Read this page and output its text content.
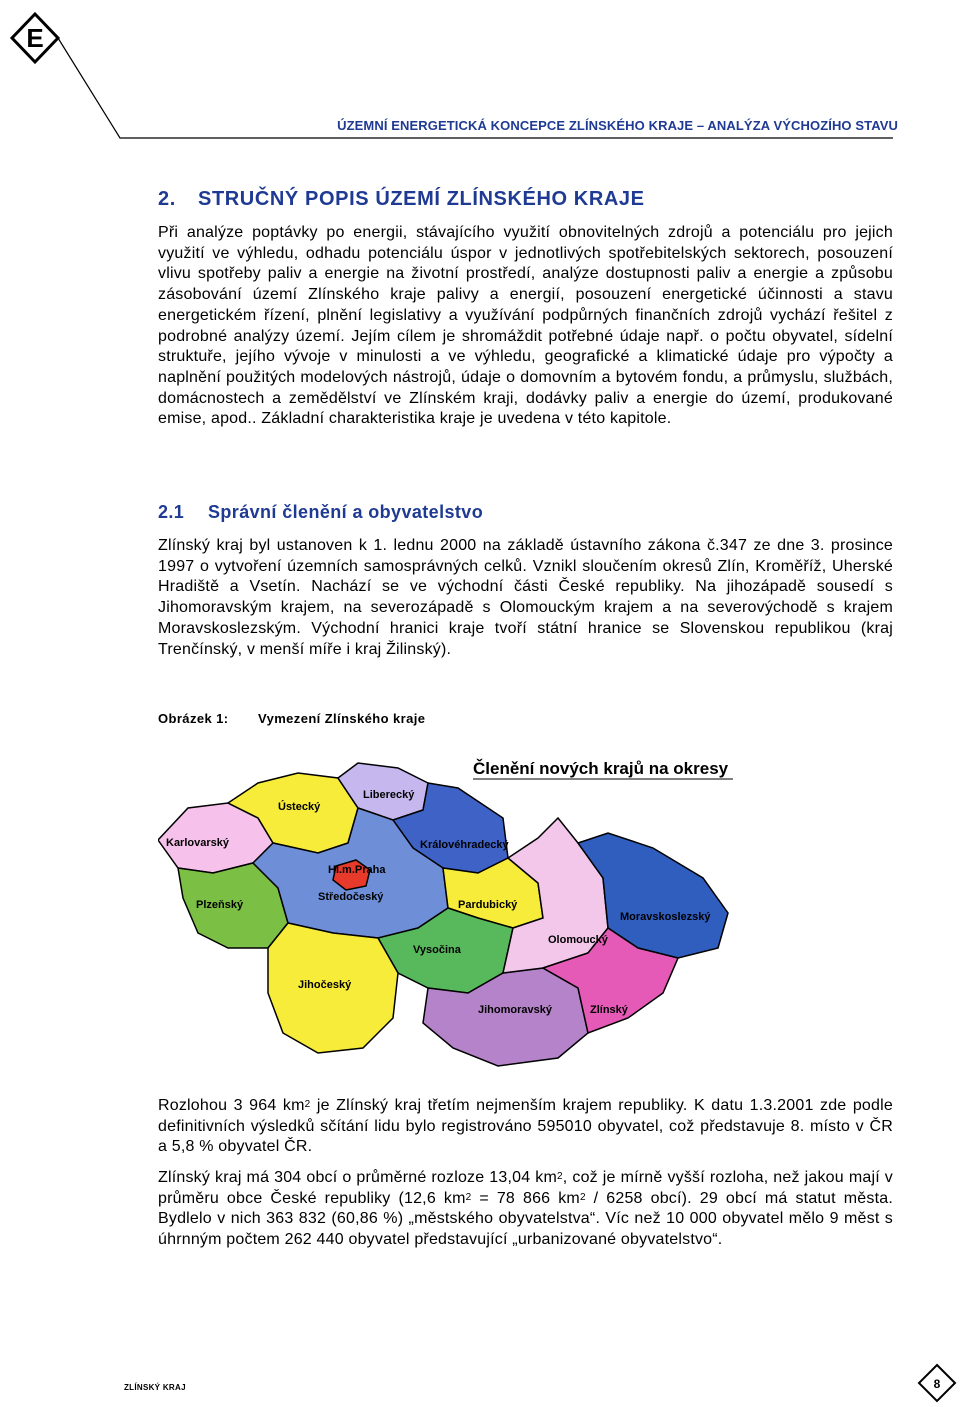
E
ÚZEMNÍ ENERGETICKÁ KONCEPCE ZLÍNSKÉHO KRAJE – ANALÝZA VÝCHOZÍHO STAVU
2. STRUČNÝ POPIS ÚZEMÍ ZLÍNSKÉHO KRAJE

Při analýze poptávky po energii, stávajícího využití obnovitelných zdrojů a potenciálu pro jejich využití ve výhledu, odhadu potenciálu úspor v jednotlivých spotřebitelských sektorech, posouzení vlivu spotřeby paliv a energie na životní prostředí, analýze dostupnosti paliv a energie a způsobu zásobování území Zlínského kraje palivy a energií, posouzení energetické účinnosti a stavu energetickém řízení, plnění legislativy a využívání podpůrných finančních zdrojů vychází řešitel z podrobné analýzy území. Jejím cílem je shromáždit potřebné údaje např. o počtu obyvatel, sídelní struktuře, jejího vývoje v minulosti a ve výhledu, geografické a klimatické údaje pro výpočty a naplnění použitých modelových nástrojů, údaje o domovním a bytovém fondu, a průmyslu, službách, domácnostech a zemědělství ve Zlínském kraji, dodávky paliv a energie do území, produkované emise, apod.. Základní charakteristika kraje je uvedena v této kapitole.

2.1 Správní členění a obyvatelstvo

Zlínský kraj byl ustanoven k 1. lednu 2000 na základě ústavního zákona č.347 ze dne 3. prosince 1997 o vytvoření územních samosprávných celků. Vznikl sloučením okresů Zlín, Kroměříž, Uherské Hradiště a Vsetín. Nachází se ve východní části České republiky. Na jihozápadě sousedí s Jihomoravským krajem, na severozápadě s Olomouckým krajem a na severovýchodě s krajem Moravskoslezským. Východní hranici kraje tvoří státní hranice se Slovenskou republikou (kraj Trenčínský, v menší míře i kraj Žilinský).

Obrázek 1: Vymezení Zlínského kraje
Členění nových krajů na okresy
Karlovarský
Ústecký
Liberecký
Královéhradecký
Hl.m.Praha
Středočeský
Plzeňský	Pardubický
Moravskoslezský
Olomoucký
Vysočina
Jihočeský
Jihomoravský	Zlínský

Rozlohou 3 964 $km^2$ je Zlínský kraj třetím nejmenším krajem republiky. K datu 1.3.2001 zde podle definitivních výsledků sčítání lidu bylo registrováno 595010 obyvatel, což představuje 8. místo v ČR a 5,8 % obyvatel ČR.

Zlínský kraj má 304 obcí o průměrné rozloze 13,04 $km^2$, což je mírně vyšší rozloha, než jakou mají v průměru obce České republiky (12,6 $km^2 = 78$ 866 $km^2 / 6258$ obcí). 29 obcí má statut města. Bydlelo v nich 363 832 (60,86 %) „městského obyvatelstva“. Víc než 10 000 obyvatel mělo 9 měst s úhrnným počtem 262 440 obyvatel představující „urbanizované obyvatelstvo“.

ZLÍNSKÝ KRAJ	8
